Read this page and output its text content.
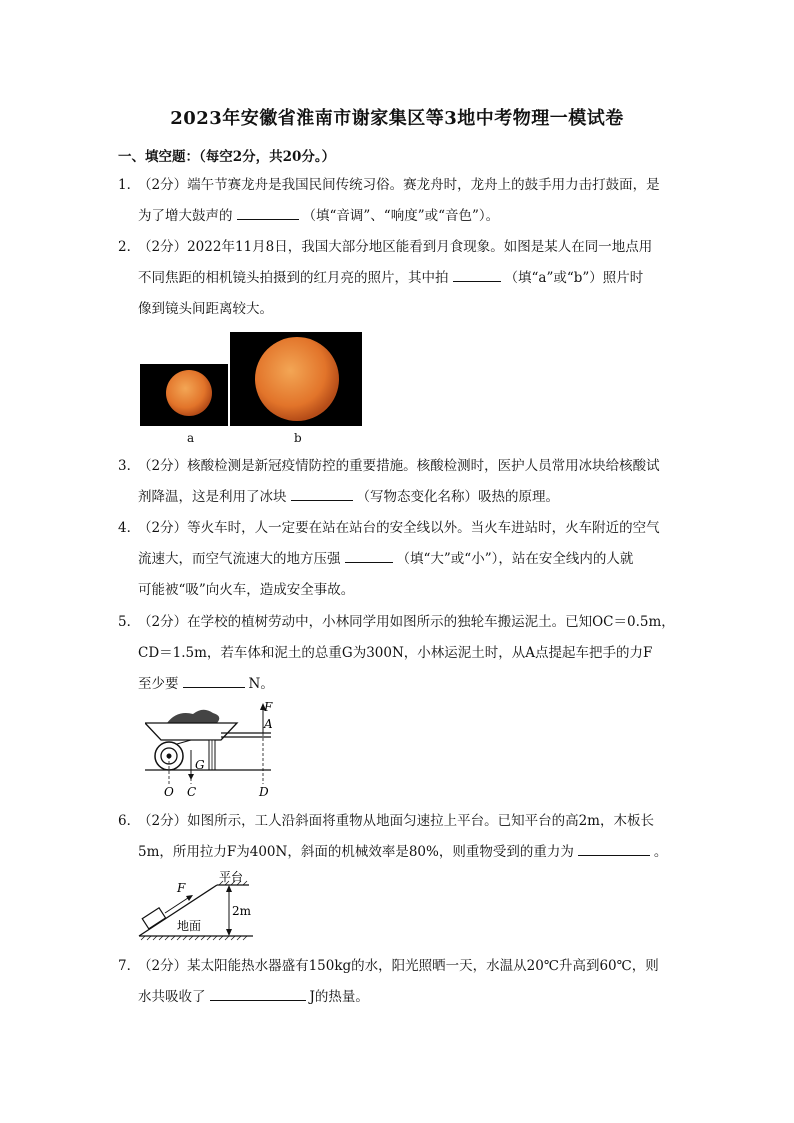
2023年安徽省淮南市谢家集区等3地中考物理一模试卷
一、填空题：（每空2分，共20分。）
1．（2分）端午节赛龙舟是我国民间传统习俗。赛龙舟时，龙舟上的鼓手用力击打鼓面，是
为了增大鼓声的	（填“音调”、“响度”或“音色”）。
2．（2分）2022年11月8日，我国大部分地区能看到月食现象。如图是某人在同一地点用
不同焦距的相机镜头拍摄到的红月亮的照片，其中拍	（填“a”或“b”）照片时
像到镜头间距离较大。
a	b
3．（2分）核酸检测是新冠疫情防控的重要措施。核酸检测时，医护人员常用冰块给核酸试
剂降温，这是利用了冰块	（写物态变化名称）吸热的原理。
4．（2分）等火车时，人一定要在站在站台的安全线以外。当火车进站时，火车附近的空气
流速大，而空气流速大的地方压强	（填“大”或“小”），站在安全线内的人就
可能被“吸”向火车，造成安全事故。
5．（2分）在学校的植树劳动中，小林同学用如图所示的独轮车搬运泥土。已知OC＝0.5m，
CD＝1.5m，若车体和泥土的总重G为300N，小林运泥土时，从A点提起车把手的力F
至少要	N。
F
A
G
O C	D
6．（2分）如图所示，工人沿斜面将重物从地面匀速拉上平台。已知平台的高2m，木板长
5m，所用拉力F为400N，斜面的机械效率是80%，则重物受到的重力为	。
F
平台
地面
2m
7．（2分）某太阳能热水器盛有150kg的水，阳光照晒一天，水温从20℃升高到60℃，则
水共吸收了	J的热量。
